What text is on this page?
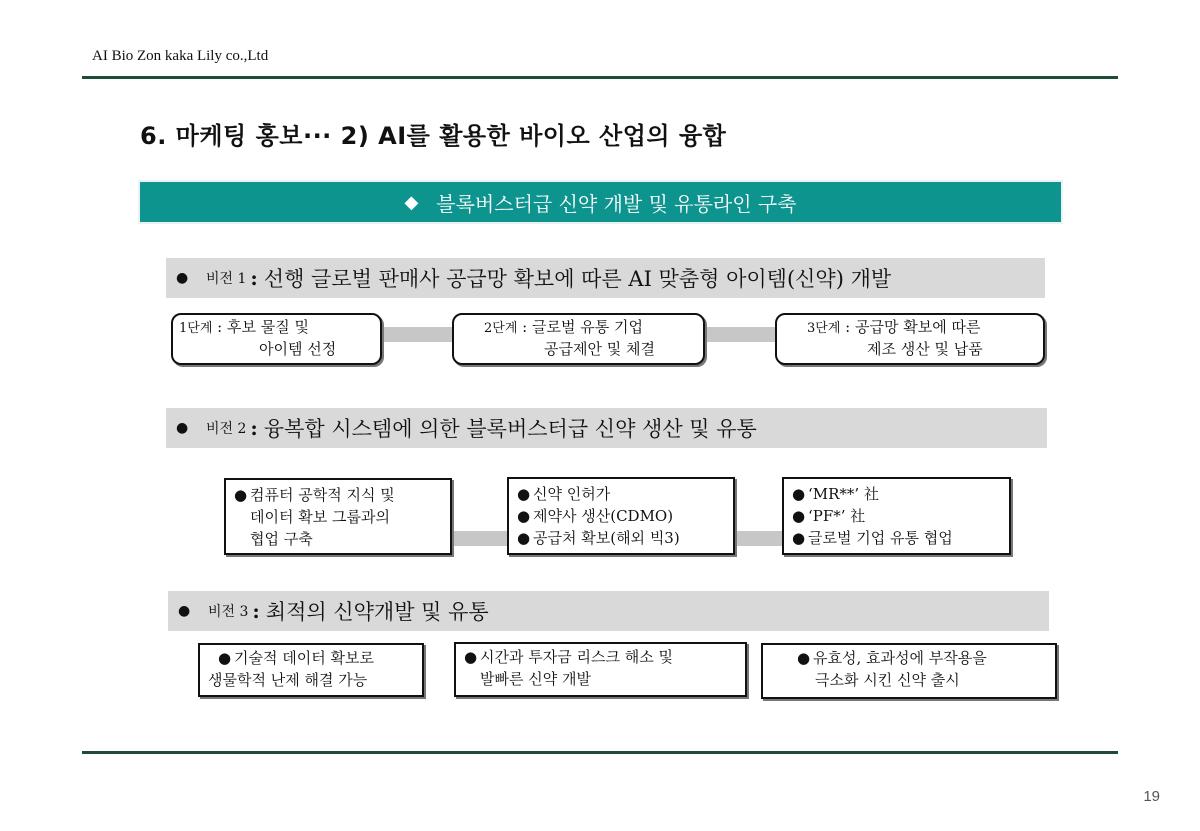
AI Bio Zon kaka Lily co.,Ltd
6. 마케팅 홍보··· 2) AI를 활용한 바이오 산업의 융합
◆ 블록버스터급 신약 개발 및 유통라인 구축
●	비전 1 : 선행 글로벌 판매사 공급망 확보에 따른 AI 맞춤형 아이템(신약) 개발
1단계 : 후보 물질 및
아이템 선정
2단계 : 글로벌 유통 기업
공급제안 및 체결
3단계 : 공급망 확보에 따른
제조 생산 및 납품
●	비전 2 : 융복합 시스템에 의한 블록버스터급 신약 생산 및 유통
● 컴퓨터 공학적 지식 및
데이터 확보 그룹과의
협업 구축
● 신약 인허가
● 제약사 생산(CDMO)
● 공급처 확보(해외 빅3)
● ‘MR**’ 社
● ‘PF*’ 社
● 글로벌 기업 유통 협업
●	비전 3 : 최적의 신약개발 및 유통
● 기술적 데이터 확보로
생물학적 난제 해결 가능
● 시간과 투자금 리스크 해소 및
발빠른 신약 개발
● 유효성, 효과성에 부작용을
극소화 시킨 신약 출시
19
